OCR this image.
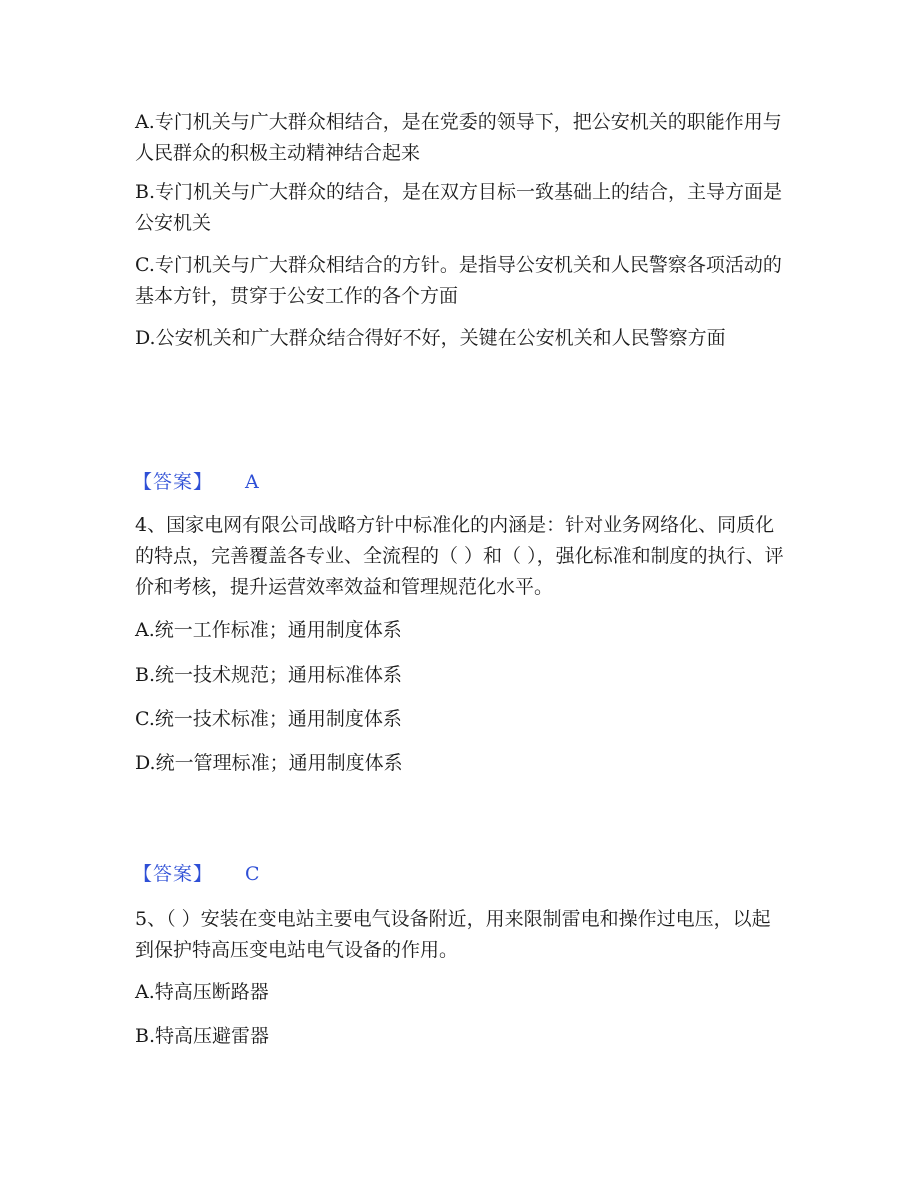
A.专门机关与广大群众相结合，是在党委的领导下，把公安机关的职能作用与人民群众的积极主动精神结合起来
B.专门机关与广大群众的结合，是在双方目标一致基础上的结合，主导方面是公安机关
C.专门机关与广大群众相结合的方针。是指导公安机关和人民警察各项活动的基本方针，贯穿于公安工作的各个方面
D.公安机关和广大群众结合得好不好，关键在公安机关和人民警察方面
【答案】 A
4、国家电网有限公司战略方针中标准化的内涵是：针对业务网络化、同质化的特点，完善覆盖各专业、全流程的（ ）和（ ），强化标准和制度的执行、评价和考核，提升运营效率效益和管理规范化水平。
A.统一工作标准；通用制度体系
B.统一技术规范；通用标准体系
C.统一技术标准；通用制度体系
D.统一管理标准；通用制度体系
【答案】 C
5、（ ）安装在变电站主要电气设备附近，用来限制雷电和操作过电压，以起到保护特高压变电站电气设备的作用。
A.特高压断路器
B.特高压避雷器
